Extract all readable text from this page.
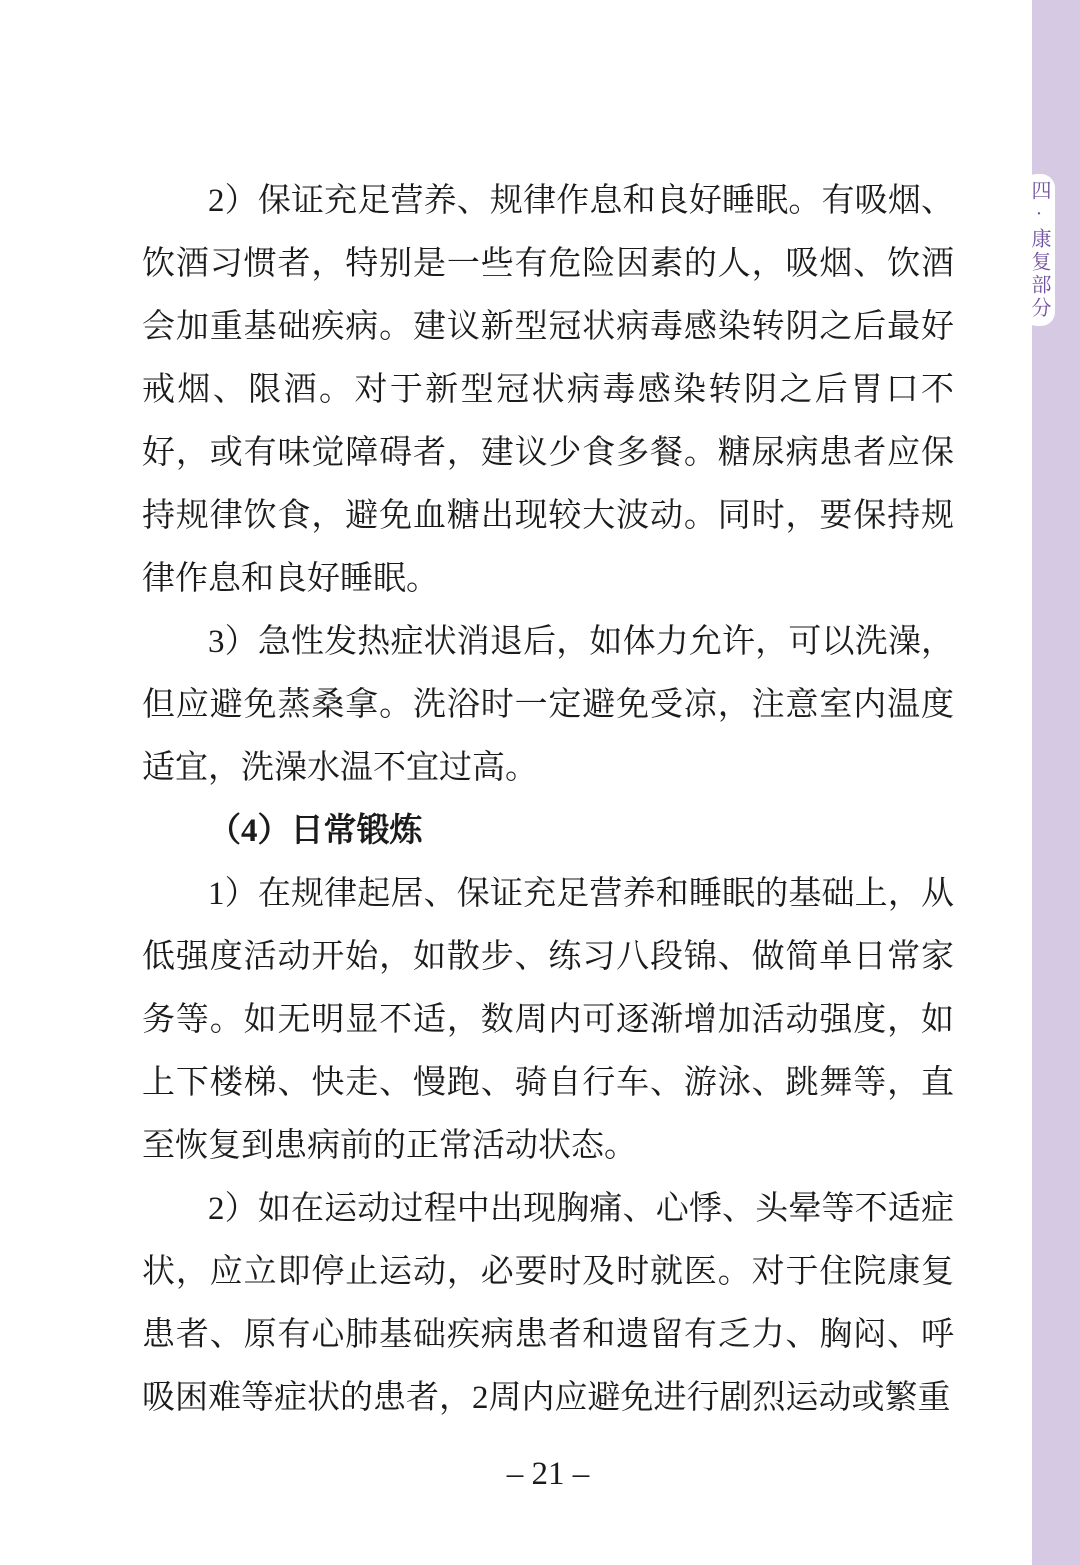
四·康复部分

2）保证充足营养、规律作息和良好睡眠。有吸烟、饮酒习惯者，特别是一些有危险因素的人，吸烟、饮酒会加重基础疾病。建议新型冠状病毒感染转阴之后最好戒烟、限酒。对于新型冠状病毒感染转阴之后胃口不好，或有味觉障碍者，建议少食多餐。糖尿病患者应保持规律饮食，避免血糖出现较大波动。同时，要保持规律作息和良好睡眠。

3）急性发热症状消退后，如体力允许，可以洗澡，但应避免蒸桑拿。洗浴时一定避免受凉，注意室内温度适宜，洗澡水温不宜过高。

（4）日常锻炼

1）在规律起居、保证充足营养和睡眠的基础上，从低强度活动开始，如散步、练习八段锦、做简单日常家务等。如无明显不适，数周内可逐渐增加活动强度，如上下楼梯、快走、慢跑、骑自行车、游泳、跳舞等，直至恢复到患病前的正常活动状态。

2）如在运动过程中出现胸痛、心悸、头晕等不适症状，应立即停止运动，必要时及时就医。对于住院康复患者、原有心肺基础疾病患者和遗留有乏力、胸闷、呼吸困难等症状的患者，2周内应避免进行剧烈运动或繁重

– 21 –
